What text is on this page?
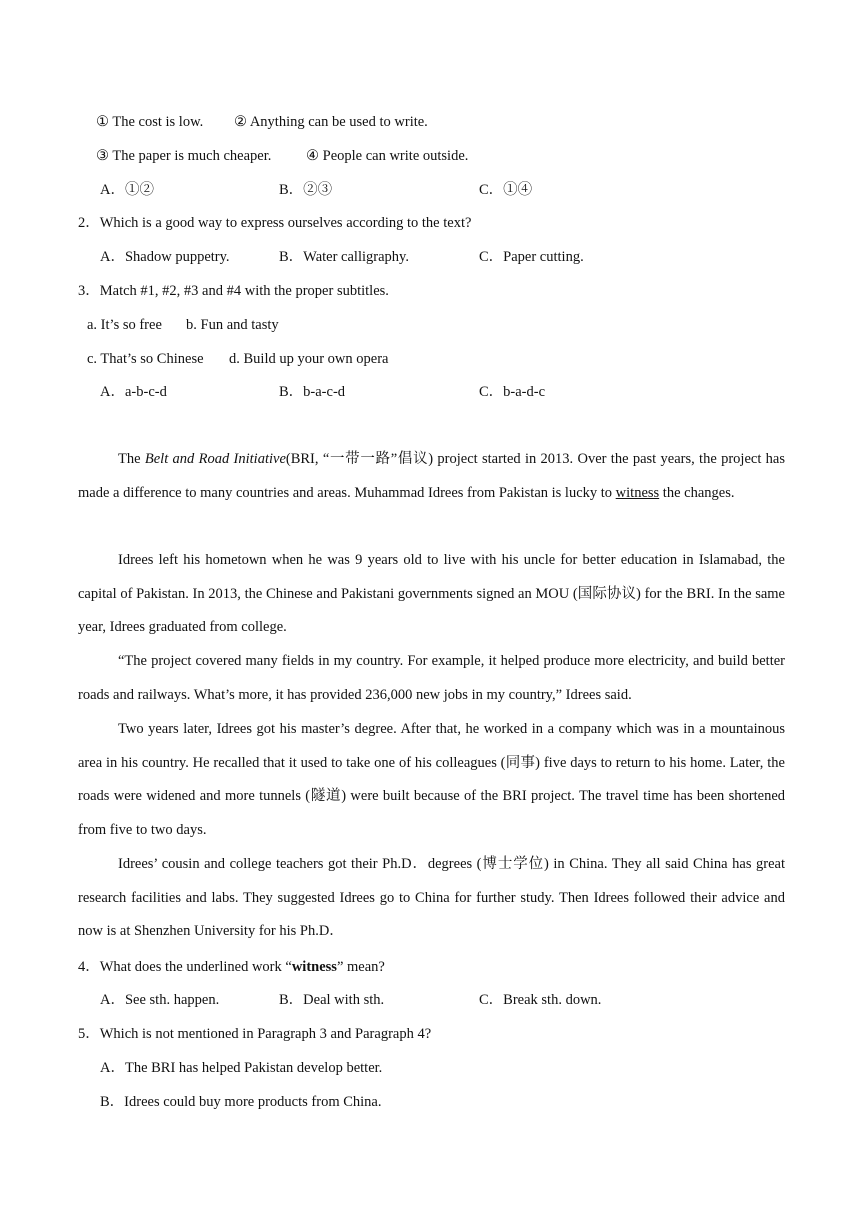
① The cost is low. ② Anything can be used to write.
③ The paper is much cheaper. ④ People can write outside.
A．①②	B．②③	C．①④
2．Which is a good way to express ourselves according to the text?
A．Shadow puppetry.	B．Water calligraphy.	C．Paper cutting.
3．Match #1, #2, #3 and #4 with the proper subtitles.
a. It’s so free b. Fun and tasty
c. That’s so Chinese d. Build up your own opera
A．a-b-c-d	B．b-a-c-d	C．b-a-d-c
The Belt and Road Initiative(BRI, “一带一路”倡议) project started in 2013. Over the past years, the project has made a difference to many countries and areas. Muhammad Idrees from Pakistan is lucky to witness the changes.
Idrees left his hometown when he was 9 years old to live with his uncle for better education in Islamabad, the capital of Pakistan. In 2013, the Chinese and Pakistani governments signed an MOU (国际协议) for the BRI. In the same year, Idrees graduated from college.
“The project covered many fields in my country. For example, it helped produce more electricity, and build better roads and railways. What’s more, it has provided 236,000 new jobs in my country,” Idrees said.
Two years later, Idrees got his master’s degree. After that, he worked in a company which was in a mountainous area in his country. He recalled that it used to take one of his colleagues (同事) five days to return to his home. Later, the roads were widened and more tunnels (隧道) were built because of the BRI project. The travel time has been shortened from five to two days.
Idrees’ cousin and college teachers got their Ph.D．degrees (博士学位) in China. They all said China has great research facilities and labs. They suggested Idrees go to China for further study. Then Idrees followed their advice and now is at Shenzhen University for his Ph.D．
4．What does the underlined work “witness” mean?
A．See sth. happen.	B．Deal with sth.	C．Break sth. down.
5．Which is not mentioned in Paragraph 3 and Paragraph 4?
A．The BRI has helped Pakistan develop better.
B．Idrees could buy more products from China.
